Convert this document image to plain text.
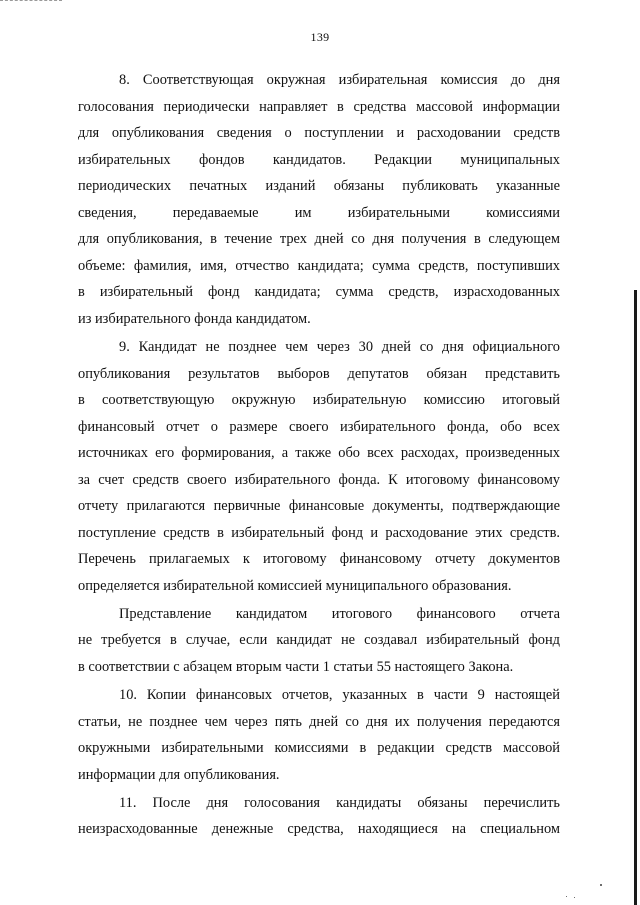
139
8. Соответствующая окружная избирательная комиссия до дня
голосования периодически направляет в средства массовой информации
для опубликования сведения о поступлении и расходовании средств
избирательных фондов кандидатов. Редакции муниципальных
периодических печатных изданий обязаны публиковать указанные
сведения, передаваемые им избирательными комиссиями
для опубликования, в течение трех дней со дня получения в следующем
объеме: фамилия, имя, отчество кандидата; сумма средств, поступивших
в избирательный фонд кандидата; сумма средств, израсходованных
из избирательного фонда кандидатом.
9. Кандидат не позднее чем через 30 дней со дня официального
опубликования результатов выборов депутатов обязан представить
в соответствующую окружную избирательную комиссию итоговый
финансовый отчет о размере своего избирательного фонда, обо всех
источниках его формирования, а также обо всех расходах, произведенных
за счет средств своего избирательного фонда. К итоговому финансовому
отчету прилагаются первичные финансовые документы, подтверждающие
поступление средств в избирательный фонд и расходование этих средств.
Перечень прилагаемых к итоговому финансовому отчету документов
определяется избирательной комиссией муниципального образования.
Представление кандидатом итогового финансового отчета
не требуется в случае, если кандидат не создавал избирательный фонд
в соответствии с абзацем вторым части 1 статьи 55 настоящего Закона.
10. Копии финансовых отчетов, указанных в части 9 настоящей
статьи, не позднее чем через пять дней со дня их получения передаются
окружными избирательными комиссиями в редакции средств массовой
информации для опубликования.
11. После дня голосования кандидаты обязаны перечислить
неизрасходованные денежные средства, находящиеся на специальном
